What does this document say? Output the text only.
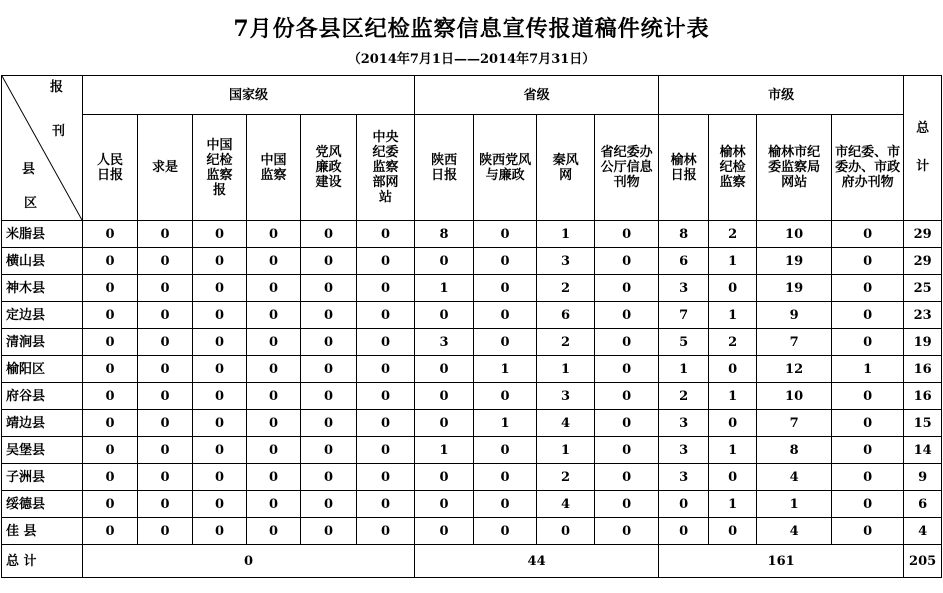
7月份各县区纪检监察信息宣传报道稿件统计表
（2014年7月1日——2014年7月31日）
报
刊
县
区	国家级						省级				市级				总计
	人民日报	求是	中国纪检监察报	中国监察	党风廉政建设	中央纪委监察部网站	陕西日报	陕西党风与廉政	秦风网	省纪委办公厅信息刊物	榆林日报	榆林纪检监察	榆林市纪委监察局网站	市纪委、市委办、市政府办刊物	
米脂县	0	0	0	0	0	0	8	0	1	0	8	2	10	0	29
横山县	0	0	0	0	0	0	0	0	3	0	6	1	19	0	29
神木县	0	0	0	0	0	0	1	0	2	0	3	0	19	0	25
定边县	0	0	0	0	0	0	0	0	6	0	7	1	9	0	23
清涧县	0	0	0	0	0	0	3	0	2	0	5	2	7	0	19
榆阳区	0	0	0	0	0	0	0	1	1	0	1	0	12	1	16
府谷县	0	0	0	0	0	0	0	0	3	0	2	1	10	0	16
靖边县	0	0	0	0	0	0	0	1	4	0	3	0	7	0	15
吴堡县	0	0	0	0	0	0	1	0	1	0	3	1	8	0	14
子洲县	0	0	0	0	0	0	0	0	2	0	3	0	4	0	9
绥德县	0	0	0	0	0	0	0	0	4	0	0	1	1	0	6
佳 县	0	0	0	0	0	0	0	0	0	0	0	0	4	0	4
总 计	0						44				161				205
